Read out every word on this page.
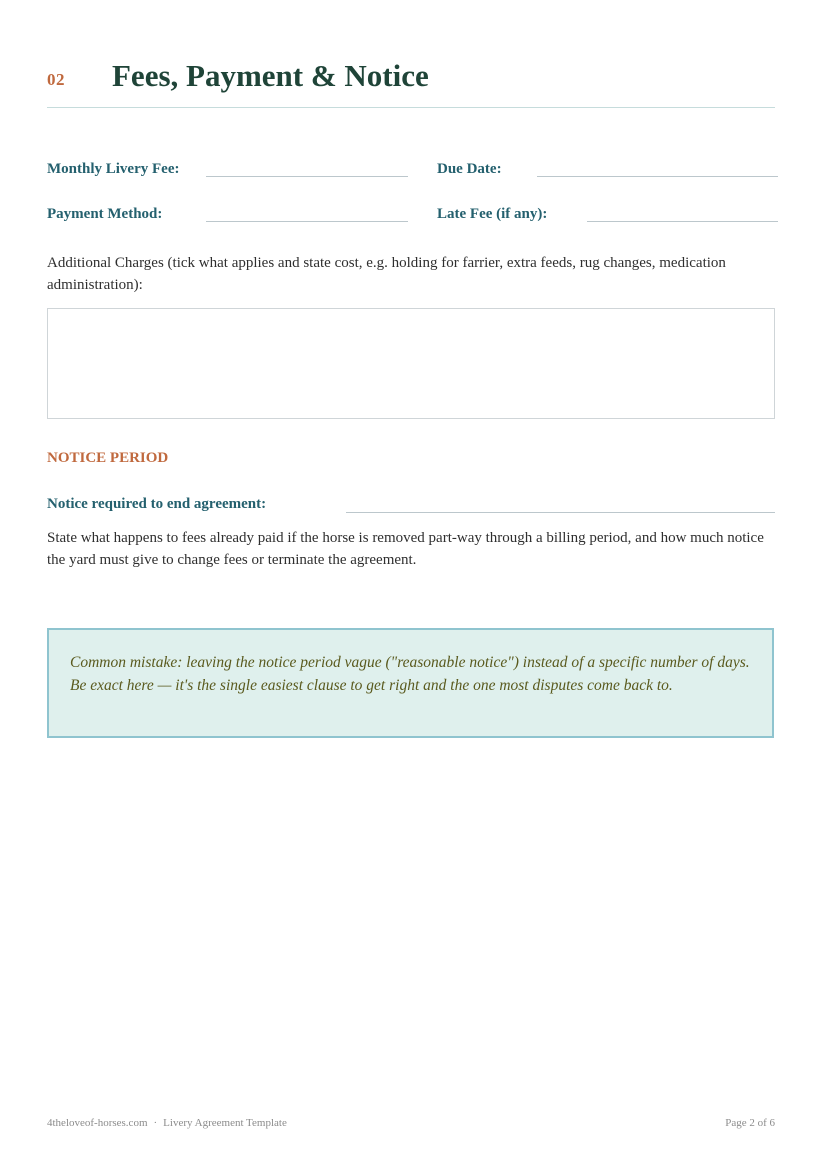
02 Fees, Payment & Notice
Monthly Livery Fee:	Due Date:
Payment Method:	Late Fee (if any):
Additional Charges (tick what applies and state cost, e.g. holding for farrier, extra feeds, rug changes, medication administration):
NOTICE PERIOD
Notice required to end agreement:
State what happens to fees already paid if the horse is removed part-way through a billing period, and how much notice the yard must give to change fees or terminate the agreement.
Common mistake: leaving the notice period vague ("reasonable notice") instead of a specific number of days. Be exact here — it's the single easiest clause to get right and the one most disputes come back to.
4theloveof-horses.com · Livery Agreement Template	Page 2 of 6
